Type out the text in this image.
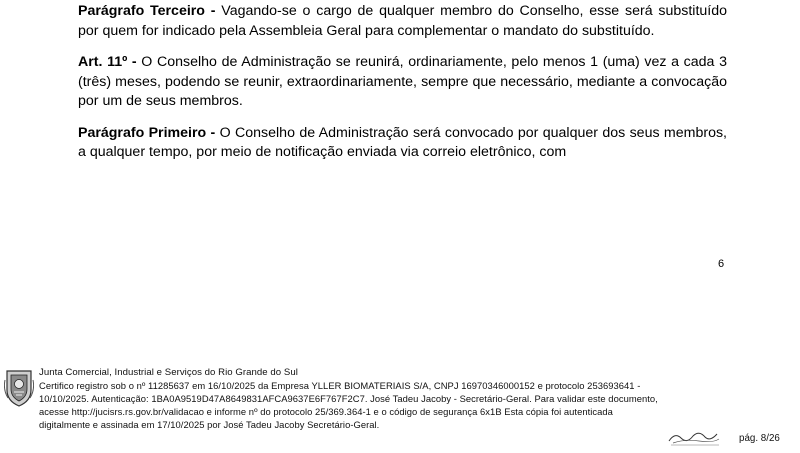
Parágrafo Terceiro - Vagando-se o cargo de qualquer membro do Conselho, esse será substituído por quem for indicado pela Assembleia Geral para complementar o mandato do substituído.

Art. 11º - O Conselho de Administração se reunirá, ordinariamente, pelo menos 1 (uma) vez a cada 3 (três) meses, podendo se reunir, extraordinariamente, sempre que necessário, mediante a convocação por um de seus membros.

Parágrafo Primeiro - O Conselho de Administração será convocado por qualquer dos seus membros, a qualquer tempo, por meio de notificação enviada via correio eletrônico, com

6
Junta Comercial, Industrial e Serviços do Rio Grande do Sul
Certifico registro sob o nº 11285637 em 16/10/2025 da Empresa YLLER BIOMATERIAIS S/A, CNPJ 16970346000152 e protocolo 253693641 -
10/10/2025. Autenticação: 1BA0A9519D47A8649831AFCA9637E6F767F2C7. José Tadeu Jacoby - Secretário-Geral. Para validar este documento,
acesse http://jucisrs.rs.gov.br/validacao e informe nº do protocolo 25/369.364-1 e o código de segurança 6x1B Esta cópia foi autenticada
digitalmente e assinada em 17/10/2025 por José Tadeu Jacoby Secretário-Geral.
pág. 8/26
